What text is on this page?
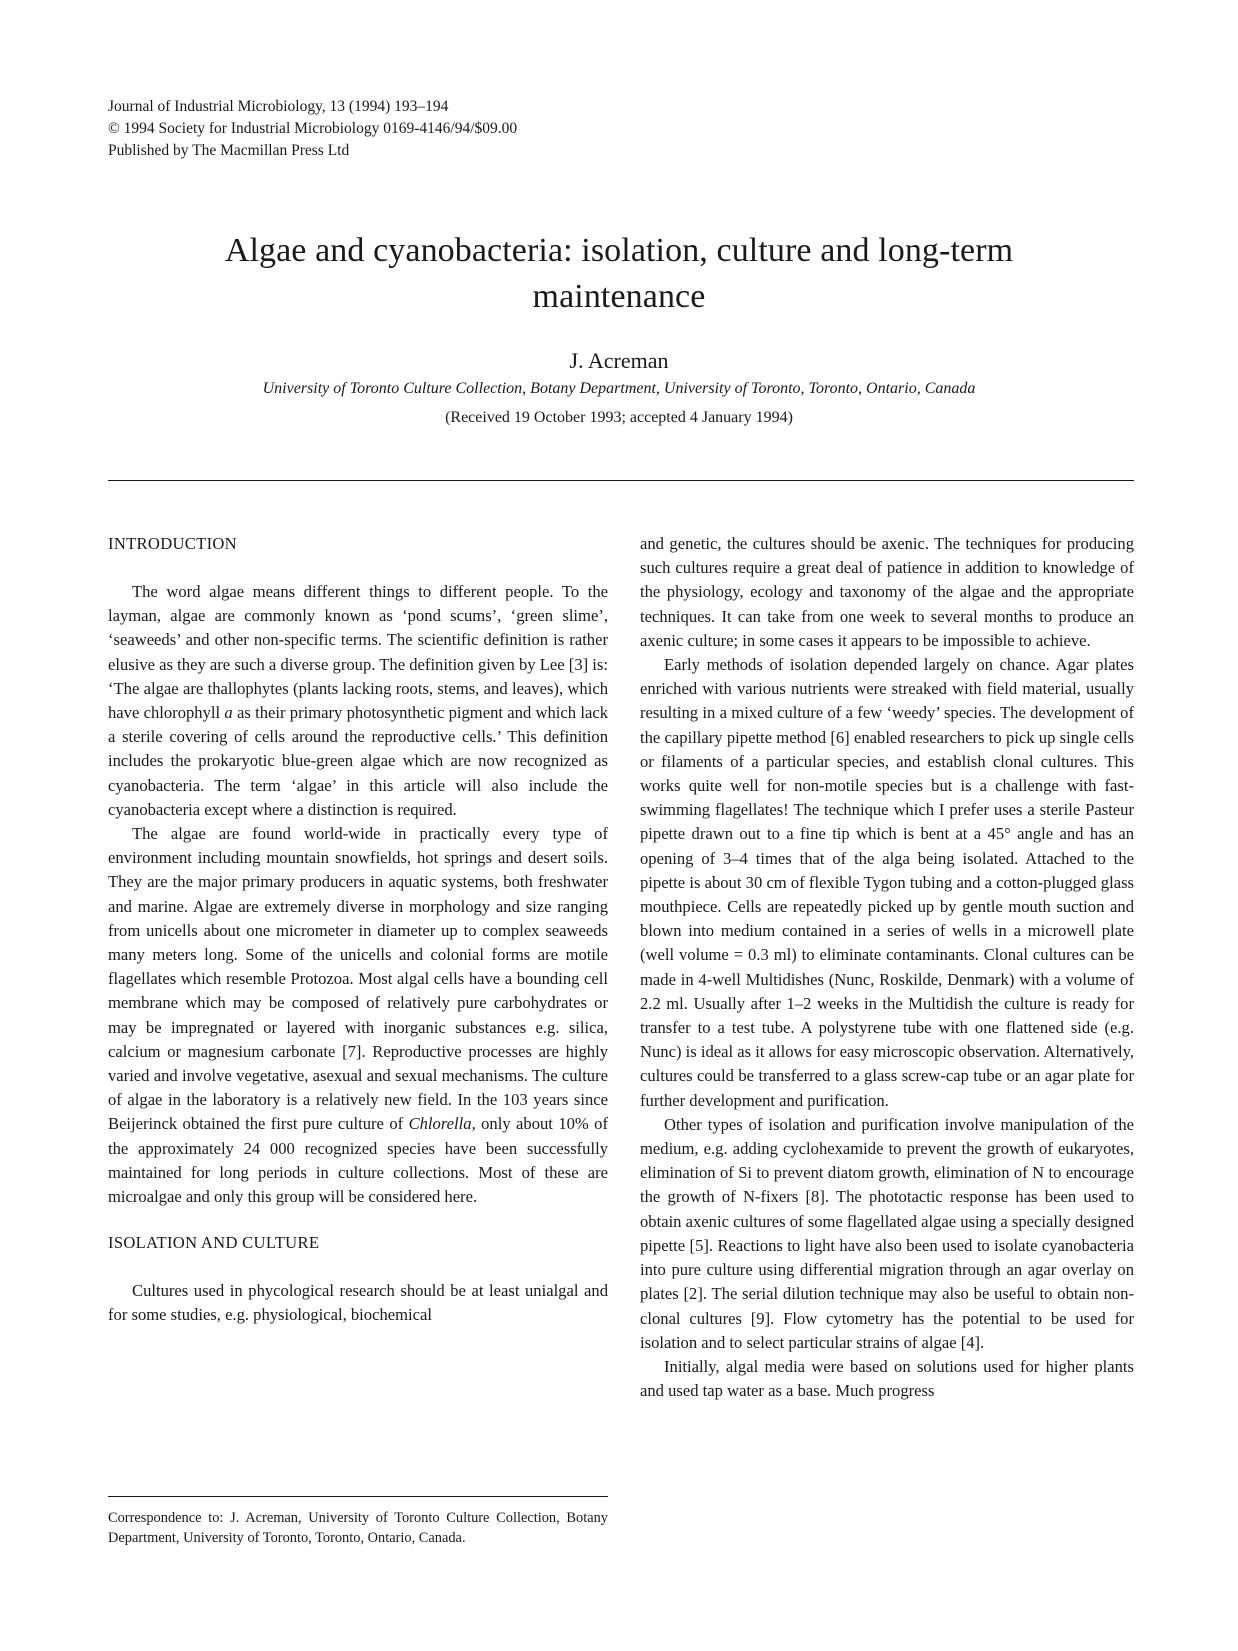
Journal of Industrial Microbiology, 13 (1994) 193–194
© 1994 Society for Industrial Microbiology 0169-4146/94/$09.00
Published by The Macmillan Press Ltd
Algae and cyanobacteria: isolation, culture and long-term
maintenance
J. Acreman
University of Toronto Culture Collection, Botany Department, University of Toronto, Toronto, Ontario, Canada
(Received 19 October 1993; accepted 4 January 1994)
INTRODUCTION

The word algae means different things to different people. To the layman, algae are commonly known as ‘pond scums’, ‘green slime’, ‘seaweeds’ and other non-specific terms. The scientific definition is rather elusive as they are such a diverse group. The definition given by Lee [3] is: ‘The algae are thallophytes (plants lacking roots, stems, and leaves), which have chlorophyll a as their primary photosynthetic pigment and which lack a sterile covering of cells around the reproductive cells.’ This definition includes the prokaryotic blue-green algae which are now recognized as cyanobacteria. The term ‘algae’ in this article will also include the cyanobacteria except where a distinction is required.

The algae are found world-wide in practically every type of environment including mountain snowfields, hot springs and desert soils. They are the major primary producers in aquatic systems, both freshwater and marine. Algae are extremely diverse in morphology and size ranging from unicells about one micrometer in diameter up to complex seaweeds many meters long. Some of the unicells and colonial forms are motile flagellates which resemble Protozoa. Most algal cells have a bounding cell membrane which may be composed of relatively pure carbohydrates or may be impregnated or layered with inorganic substances e.g. silica, calcium or magnesium carbonate [7]. Reproductive processes are highly varied and involve vegetative, asexual and sexual mechanisms. The culture of algae in the laboratory is a relatively new field. In the 103 years since Beijerinck obtained the first pure culture of Chlorella, only about 10% of the approximately 24 000 recognized species have been successfully maintained for long periods in culture collections. Most of these are microalgae and only this group will be considered here.

ISOLATION AND CULTURE

Cultures used in phycological research should be at least unialgal and for some studies, e.g. physiological, biochemical

Correspondence to: J. Acreman, University of Toronto Culture Collection, Botany Department, University of Toronto, Toronto, Ontario, Canada.

and genetic, the cultures should be axenic. The techniques for producing such cultures require a great deal of patience in addition to knowledge of the physiology, ecology and taxonomy of the algae and the appropriate techniques. It can take from one week to several months to produce an axenic culture; in some cases it appears to be impossible to achieve.

Early methods of isolation depended largely on chance. Agar plates enriched with various nutrients were streaked with field material, usually resulting in a mixed culture of a few ‘weedy’ species. The development of the capillary pipette method [6] enabled researchers to pick up single cells or filaments of a particular species, and establish clonal cultures. This works quite well for non-motile species but is a challenge with fast-swimming flagellates! The technique which I prefer uses a sterile Pasteur pipette drawn out to a fine tip which is bent at a 45° angle and has an opening of 3–4 times that of the alga being isolated. Attached to the pipette is about 30 cm of flexible Tygon tubing and a cotton-plugged glass mouthpiece. Cells are repeatedly picked up by gentle mouth suction and blown into medium contained in a series of wells in a microwell plate (well volume = 0.3 ml) to eliminate contaminants. Clonal cultures can be made in 4-well Multidishes (Nunc, Roskilde, Denmark) with a volume of 2.2 ml. Usually after 1–2 weeks in the Multidish the culture is ready for transfer to a test tube. A polystyrene tube with one flattened side (e.g. Nunc) is ideal as it allows for easy microscopic observation. Alternatively, cultures could be transferred to a glass screw-cap tube or an agar plate for further development and purification.

Other types of isolation and purification involve manipulation of the medium, e.g. adding cyclohexamide to prevent the growth of eukaryotes, elimination of Si to prevent diatom growth, elimination of N to encourage the growth of N-fixers [8]. The phototactic response has been used to obtain axenic cultures of some flagellated algae using a specially designed pipette [5]. Reactions to light have also been used to isolate cyanobacteria into pure culture using differential migration through an agar overlay on plates [2]. The serial dilution technique may also be useful to obtain non-clonal cultures [9]. Flow cytometry has the potential to be used for isolation and to select particular strains of algae [4].

Initially, algal media were based on solutions used for higher plants and used tap water as a base. Much progress
